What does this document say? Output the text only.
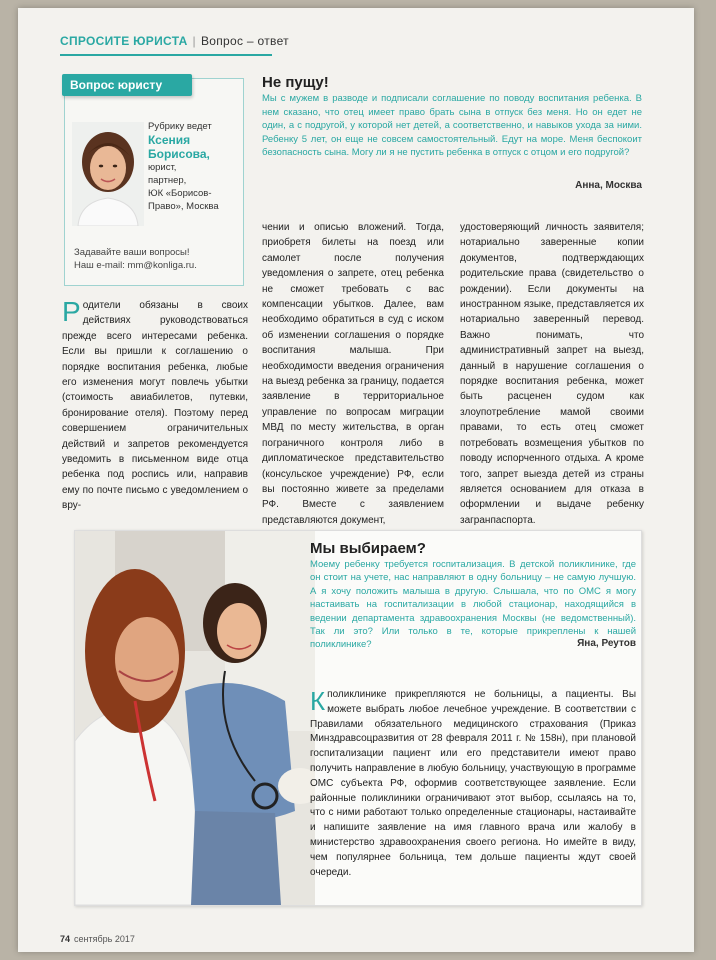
СПРОСИТЕ ЮРИСТА | Вопрос – ответ
Вопрос юристу
Рубрику ведет
Ксения
Борисова,
юрист,
партнер,
ЮК «Борисов-
Право», Москва
Задавайте ваши вопросы!
Наш e-mail: mm@konliga.ru.
Не пущу!
Мы с мужем в разводе и подписали соглашение по поводу воспитания ребенка. В нем сказано, что отец имеет право брать сына в отпуск без меня. Но он едет не один, а с подругой, у которой нет детей, а соответственно, и навыков ухода за ними. Ребенку 5 лет, он еще не совсем самостоятельный. Едут на море. Меня беспокоит безопасность сына. Могу ли я не пустить ребенка в отпуск с отцом и его подругой?
Анна, Москва
Родители обязаны в своих действиях руководствоваться прежде всего интересами ребенка. Если вы пришли к соглашению о порядке воспитания ребенка, любые его изменения могут повлечь убытки (стоимость авиабилетов, путевки, бронирование отеля). Поэтому перед совершением ограничительных действий и запретов рекомендуется уведомить в письменном виде отца ребенка под роспись или, направив ему по почте письмо с уведомлением о вру-
чении и описью вложений. Тогда, приобретя билеты на поезд или самолет после получения уведомления о запрете, отец ребенка не сможет требовать с вас компенсации убытков. Далее, вам необходимо обратиться в суд с иском об изменении соглашения о порядке воспитания малыша. При необходимости введения ограничения на выезд ребенка за границу, подается заявление в территориальное управление по вопросам миграции МВД по месту жительства, в орган пограничного контроля либо в дипломатическое представительство (консульское учреждение) РФ, если вы постоянно живете за пределами РФ. Вместе с заявлением представляются документ,
удостоверяющий личность заявителя; нотариально заверенные копии документов, подтверждающих родительские права (свидетельство о рождении). Если документы на иностранном языке, представляется их нотариально заверенный перевод. Важно понимать, что административный запрет на выезд, данный в нарушение соглашения о порядке воспитания ребенка, может быть расценен судом как злоупотребление мамой своими правами, то есть отец сможет потребовать возмещения убытков по поводу испорченного отдыха. А кроме того, запрет выезда детей из страны является основанием для отказа в оформлении и выдаче ребенку загранпаспорта.
Мы выбираем?
Моему ребенку требуется госпитализация. В детской поликлинике, где он стоит на учете, нас направляют в одну больницу – не самую лучшую. А я хочу положить малыша в другую. Слышала, что по ОМС я могу настаивать на госпитализации в любой стационар, находящийся в ведении департамента здравоохранения Москвы (не ведомственный). Так ли это? Или только в те, которые прикреплены к нашей поликлинике?	Яна, Реутов
Кполиклинике прикрепляются не больницы, а пациенты. Вы можете выбрать любое лечебное учреждение. В соответствии с Правилами обязательного медицинского страхования (Приказ Минздравсоцразвития от 28 февраля 2011 г. № 158н), при плановой госпитализации пациент или его представители имеют право получить направление в любую больницу, участвующую в программе ОМС субъекта РФ, оформив соответствующее заявление. Если районные поликлиники ограничивают этот выбор, ссылаясь на то, что с ними работают только определенные стационары, настаивайте и напишите заявление на имя главного врача или жалобу в министерство здравоохранения своего региона. Но имейте в виду, чем популярнее больница, тем дольше пациенты ждут своей очереди.
74 сентябрь 2017
